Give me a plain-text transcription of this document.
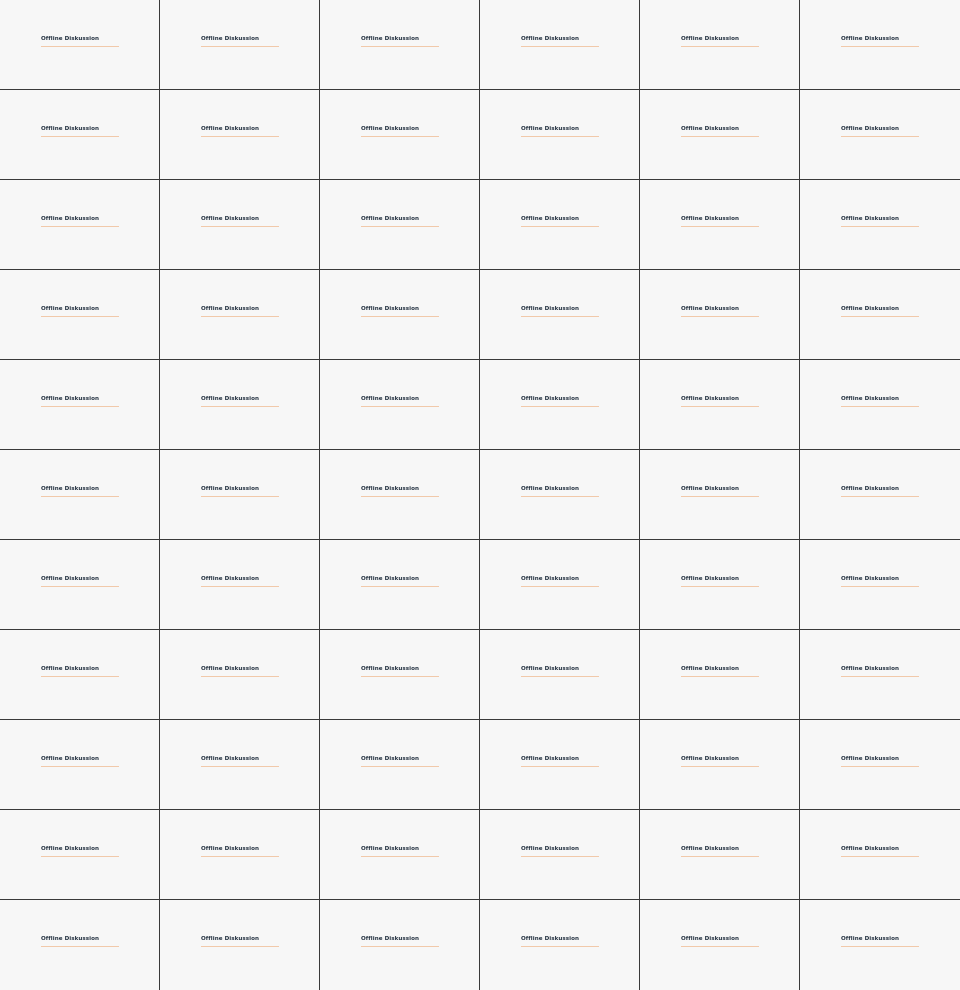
Offline Diskussion	Offline Diskussion	Offline Diskussion	Offline Diskussion	Offline Diskussion	Offline Diskussion
Offline Diskussion	Offline Diskussion	Offline Diskussion	Offline Diskussion	Offline Diskussion	Offline Diskussion
Offline Diskussion	Offline Diskussion	Offline Diskussion	Offline Diskussion	Offline Diskussion	Offline Diskussion
Offline Diskussion	Offline Diskussion	Offline Diskussion	Offline Diskussion	Offline Diskussion	Offline Diskussion
Offline Diskussion	Offline Diskussion	Offline Diskussion	Offline Diskussion	Offline Diskussion	Offline Diskussion
Offline Diskussion	Offline Diskussion	Offline Diskussion	Offline Diskussion	Offline Diskussion	Offline Diskussion
Offline Diskussion	Offline Diskussion	Offline Diskussion	Offline Diskussion	Offline Diskussion	Offline Diskussion
Offline Diskussion	Offline Diskussion	Offline Diskussion	Offline Diskussion	Offline Diskussion	Offline Diskussion
Offline Diskussion	Offline Diskussion	Offline Diskussion	Offline Diskussion	Offline Diskussion	Offline Diskussion
Offline Diskussion	Offline Diskussion	Offline Diskussion	Offline Diskussion	Offline Diskussion	Offline Diskussion
Offline Diskussion	Offline Diskussion	Offline Diskussion	Offline Diskussion	Offline Diskussion	Offline Diskussion
